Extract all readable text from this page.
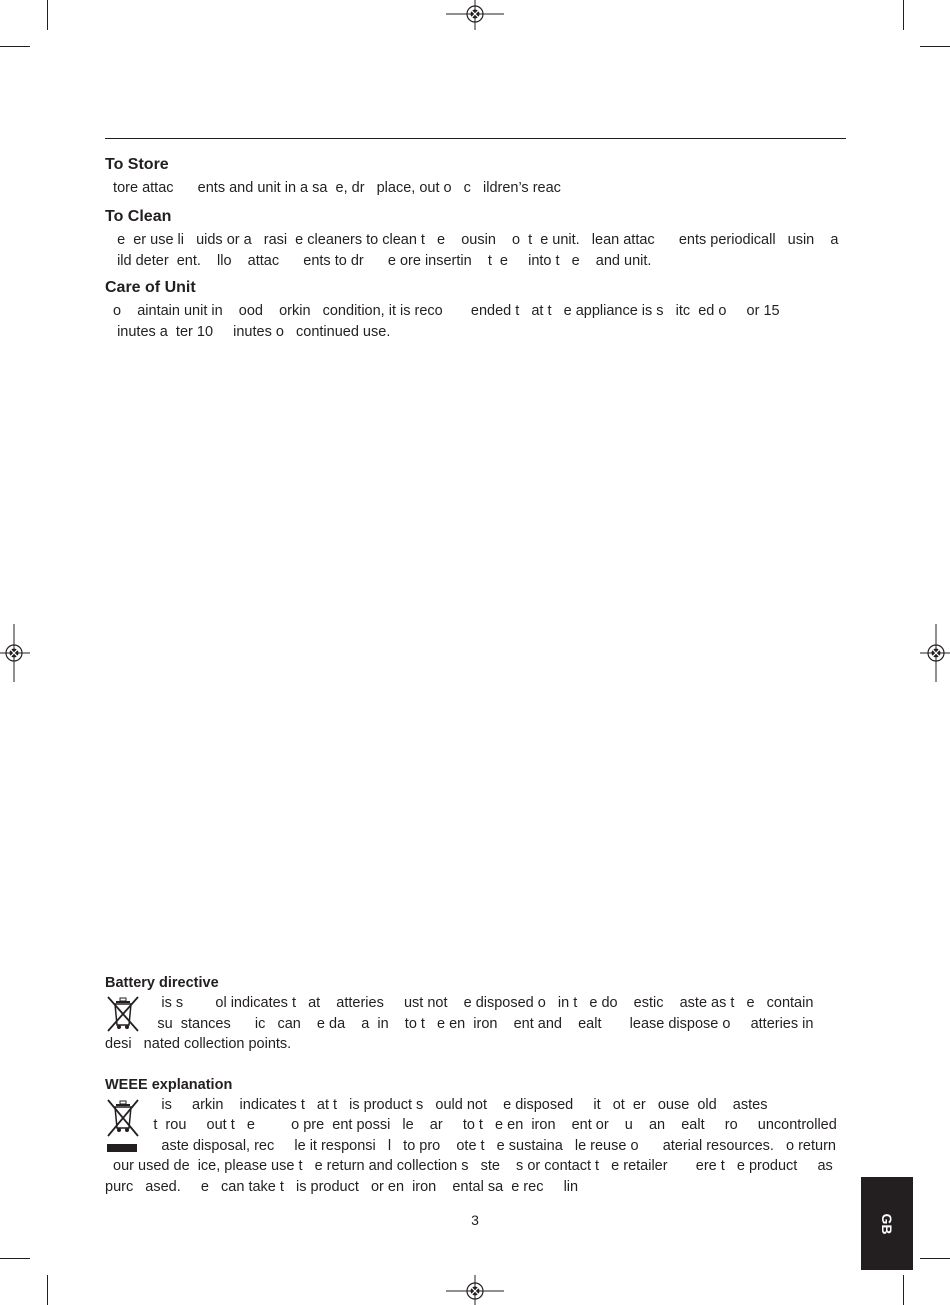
To Store
tore attac      ents and unit in a sa  e, dr   place, out o   c   ildren’s reac
To Clean
e  er use li   uids or a   rasi  e cleaners to clean t   e    ousin    o  t  e unit.   lean attac      ents periodicall   usin    a
ild deter  ent.    llo    attac      ents to dr      e ore insertin    t  e     into t   e    and unit.
Care of Unit
o    aintain unit in    ood    orkin   condition, it is reco       ended t   at t   e appliance is s   itc  ed o     or 15
inutes a  ter 10     inutes o   continued use.
Battery directive
is s        ol indicates t   at    atteries     ust not    e disposed o   in t   e do    estic    aste as t   e   contain
su  stances      ic   can    e da    a  in    to t   e en  iron    ent and    ealt       lease dispose o     atteries in
desi   nated collection points.
WEEE explanation
is     arkin    indicates t   at t   is product s   ould not    e disposed     it   ot  er   ouse  old    astes
t  rou     out t   e         o pre  ent possi   le    ar     to t   e en  iron    ent or    u    an    ealt     ro     uncontrolled
aste disposal, rec     le it responsi   l   to pro    ote t   e sustaina   le reuse o      aterial resources.   o return
our used de  ice, please use t   e return and collection s   ste    s or contact t   e retailer       ere t   e product     as
purc   ased.     e   can take t   is product   or en  iron    ental sa  e rec     lin
3	GB
